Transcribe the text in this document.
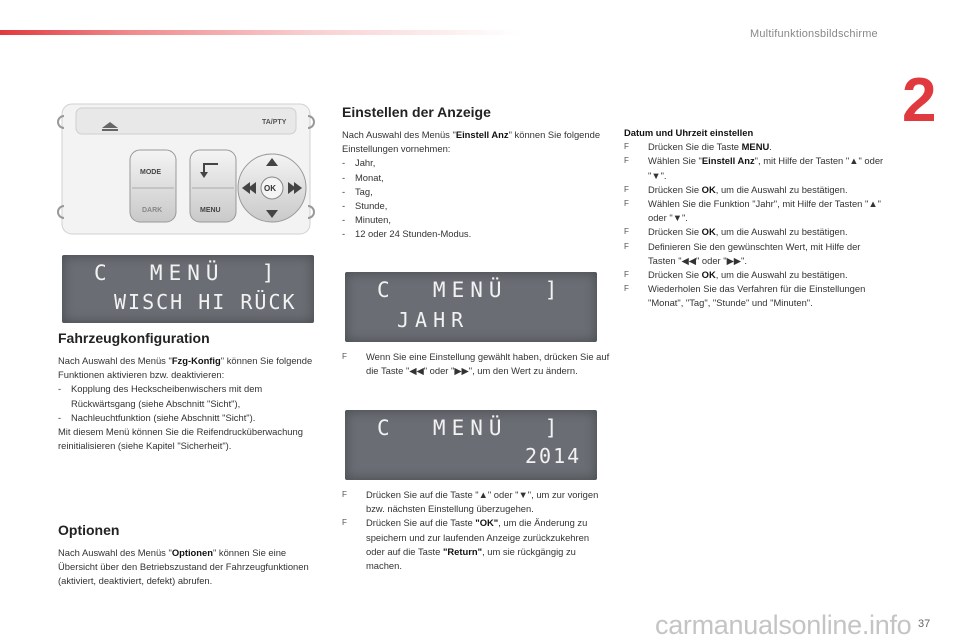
Multifunktionsbildschirme
2
TA/PTY
MODE
DARK	MENU
OK
C  MENÜ  ]
WISCH HI RÜCK
Fahrzeugkonfiguration
Nach Auswahl des Menüs "Fzg-Konfig" können Sie folgende Funktionen aktivieren bzw. deaktivieren:
- Kopplung des Heckscheibenwischers mit dem Rückwärtsgang (siehe Abschnitt "Sicht"),
- Nachleuchtfunktion (siehe Abschnitt "Sicht").
Mit diesem Menü können Sie die Reifendrucküberwachung reinitialisieren (siehe Kapitel "Sicherheit").
Optionen
Nach Auswahl des Menüs "Optionen" können Sie eine Übersicht über den Betriebszustand der Fahrzeugfunktionen (aktiviert, deaktiviert, defekt) abrufen.
Einstellen der Anzeige
Nach Auswahl des Menüs "Einstell Anz" können Sie folgende Einstellungen vornehmen:
- Jahr,
- Monat,
- Tag,
- Stunde,
- Minuten,
- 12 oder 24 Stunden-Modus.
C  MENÜ  ]
JAHR
F Wenn Sie eine Einstellung gewählt haben, drücken Sie auf die Taste "◀◀" oder "▶▶", um den Wert zu ändern.
C  MENÜ  ]
2014
F Drücken Sie auf die Taste "▲" oder "▼", um zur vorigen bzw. nächsten Einstellung überzugehen.
F Drücken Sie auf die Taste "OK", um die Änderung zu speichern und zur laufenden Anzeige zurückzukehren oder auf die Taste "Return", um sie rückgängig zu machen.
Datum und Uhrzeit einstellen
F Drücken Sie die Taste MENU.
F Wählen Sie "Einstell Anz", mit Hilfe der Tasten "▲" oder "▼".
F Drücken Sie OK, um die Auswahl zu bestätigen.
F Wählen Sie die Funktion "Jahr", mit Hilfe der Tasten "▲" oder "▼".
F Drücken Sie OK, um die Auswahl zu bestätigen.
F Definieren Sie den gewünschten Wert, mit Hilfe der Tasten "◀◀" oder "▶▶".
F Drücken Sie OK, um die Auswahl zu bestätigen.
F Wiederholen Sie das Verfahren für die Einstellungen "Monat", "Tag", "Stunde" und "Minuten".
carmanualsonline.info 37
